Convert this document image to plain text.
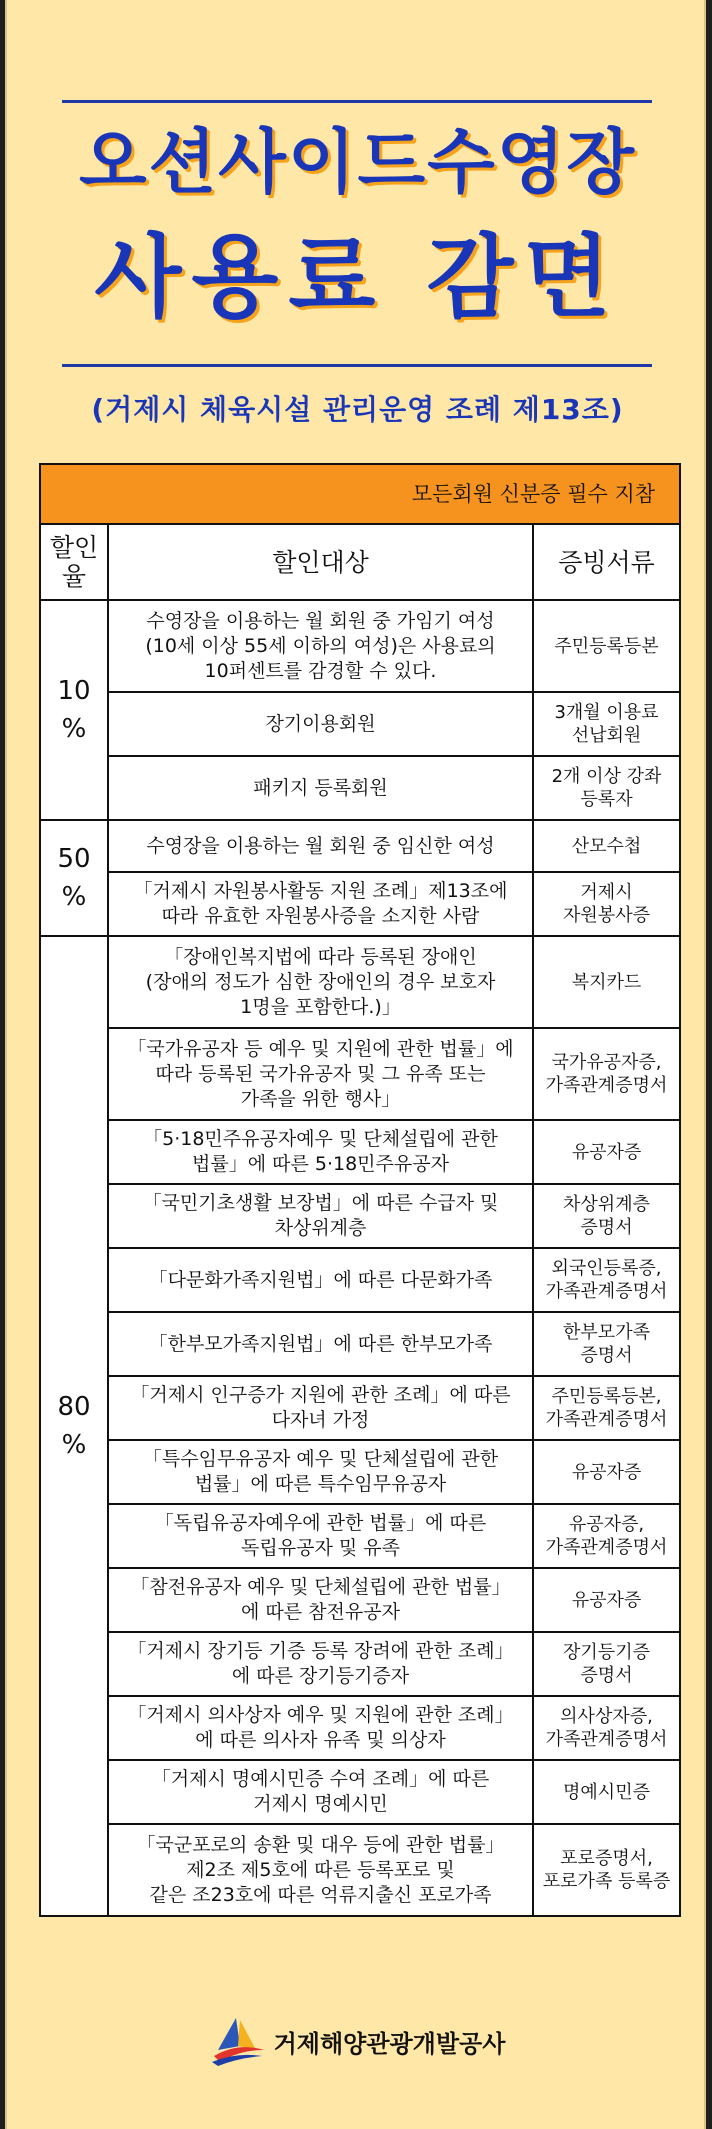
오션사이드수영장
사용료 감면
(거제시 체육시설 관리운영 조례 제13조)
모든회원 신분증 필수 지참		
할인
율	할인대상	증빙서류
10
%	수영장을 이용하는 월 회원 중 가임기 여성
(10세 이상 55세 이하의 여성)은 사용료의
10퍼센트를 감경할 수 있다.	주민등록등본
	장기이용회원	3개월 이용료
선납회원
	패키지 등록회원	2개 이상 강좌
등록자
50
%	수영장을 이용하는 월 회원 중 임신한 여성	산모수첩
	「거제시 자원봉사활동 지원 조례」제13조에
따라 유효한 자원봉사증을 소지한 사람	거제시
자원봉사증
80
%	「장애인복지법에 따라 등록된 장애인
(장애의 정도가 심한 장애인의 경우 보호자
1명을 포함한다.)」	복지카드
	「국가유공자 등 예우 및 지원에 관한 법률」에
따라 등록된 국가유공자 및 그 유족 또는
가족을 위한 행사」	국가유공자증,
가족관계증명서
	「5·18민주유공자예우 및 단체설립에 관한
법률」에 따른 5·18민주유공자	유공자증
	「국민기초생활 보장법」에 따른 수급자 및
차상위계층	차상위계층
증명서
	「다문화가족지원법」에 따른 다문화가족	외국인등록증,
가족관계증명서
	「한부모가족지원법」에 따른 한부모가족	한부모가족
증명서
	「거제시 인구증가 지원에 관한 조례」에 따른
다자녀 가정	주민등록등본,
가족관계증명서
	「특수임무유공자 예우 및 단체설립에 관한
법률」에 따른 특수임무유공자	유공자증
	「독립유공자예우에 관한 법률」에 따른
독립유공자 및 유족	유공자증,
가족관계증명서
	「참전유공자 예우 및 단체설립에 관한 법률」
에 따른 참전유공자	유공자증
	「거제시 장기등 기증 등록 장려에 관한 조례」
에 따른 장기등기증자	장기등기증
증명서
	「거제시 의사상자 예우 및 지원에 관한 조례」
에 따른 의사자 유족 및 의상자	의사상자증,
가족관계증명서
	「거제시 명예시민증 수여 조례」에 따른
거제시 명예시민	명예시민증
	「국군포로의 송환 및 대우 등에 관한 법률」
제2조 제5호에 따른 등록포로 및
같은 조23호에 따른 억류지출신 포로가족	포로증명서,
포로가족 등록증
거제해양관광개발공사
